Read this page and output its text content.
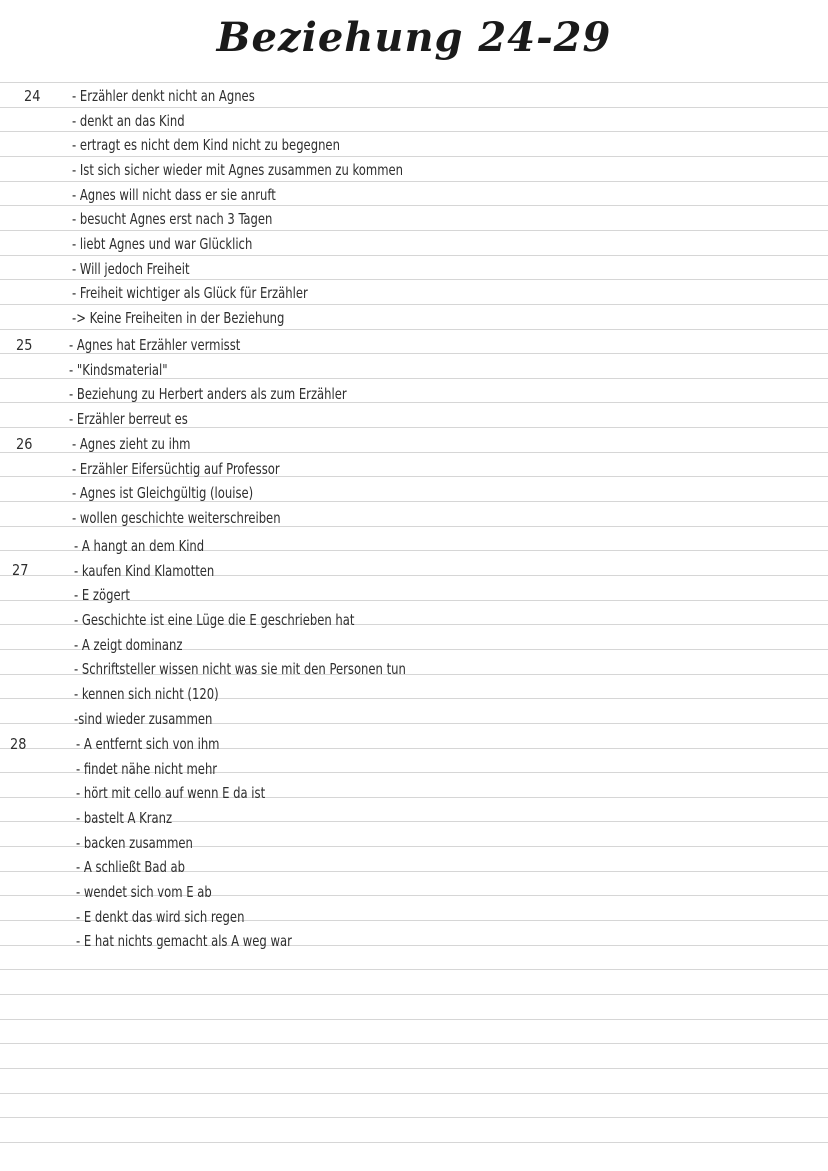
Beziehung 24-29
24 - Erzähler denkt nicht an Agnes
- denkt an das Kind
- ertragt es nicht dem Kind nicht zu begegnen
- Ist sich sicher wieder mit Agnes zusammen zu kommen
- Agnes will nicht dass er sie anruft
- besucht Agnes erst nach 3 Tagen
- liebt Agnes und war Glücklich
- Will jedoch Freiheit
- Freiheit wichtiger als Glück für Erzähler
-> Keine Freiheiten in der Beziehung
25 - Agnes hat Erzähler vermisst
- "Kindsmaterial"
- Beziehung zu Herbert anders als zum Erzähler
- Erzähler berreut es
26	- Agnes zieht zu ihm
- Erzähler Eifersüchtig auf Professor
- Agnes ist Gleichgültig (louise)
- wollen geschichte weiterschreiben
27
- A hangt an dem Kind
- kaufen Kind Klamotten
- E zögert
- Geschichte ist eine Lüge die E geschrieben hat
- A zeigt dominanz
- Schriftsteller wissen nicht was sie mit den Personen tun
- kennen sich nicht (120)
-sind wieder zusammen
28	- A entfernt sich von ihm
- findet nähe nicht mehr
- hört mit cello auf wenn E da ist
- bastelt A Kranz
- backen zusammen
- A schließt Bad ab
- wendet sich vom E ab
- E denkt das wird sich regen
- E hat nichts gemacht als A weg war
